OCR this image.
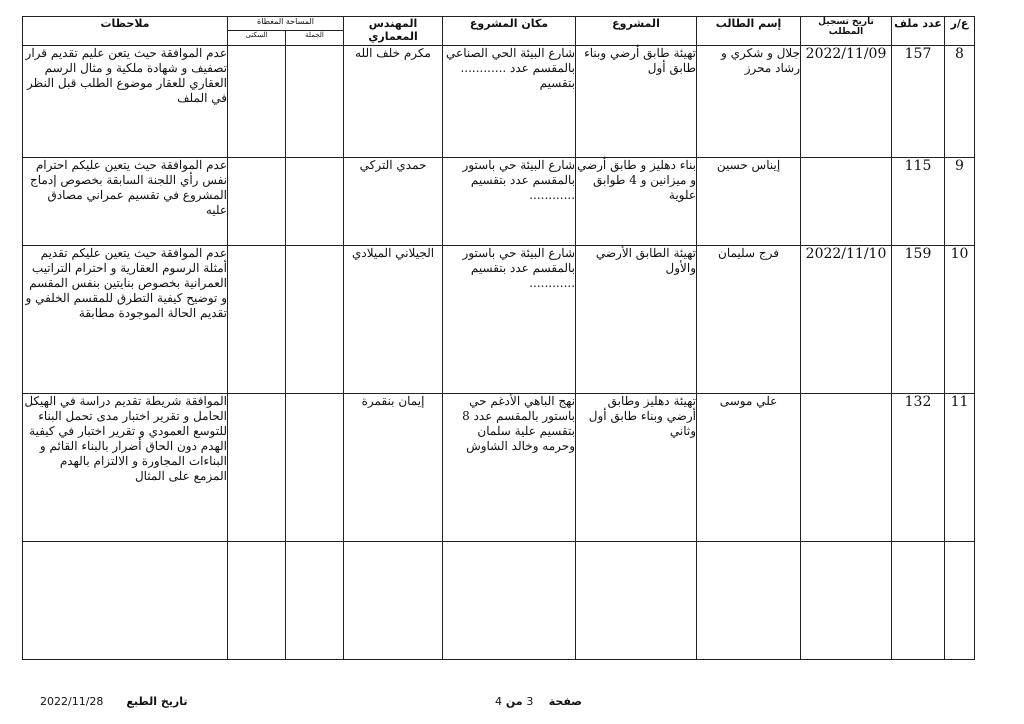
ع/ر	عدد ملف	تاريخ تسجيل المطلب	إسم الطالب	المشروع	مكان المشروع	المهندس المعماري	المساحة المغطاة		ملاحظات
							الجملة	السكنى	
8	157	2022/11/09	جلال و شكري و رشاد محرز	تهيئة طابق أرضي وبناء طابق أول	شارع البيئة الحي الصناعي بالمقسم عدد ............ بتقسيم	مكرم خلف الله			عدم الموافقة حيث يتعن عليم تقديم قرار تصفيف و شهادة ملكية و مثال الرسم العقاري للعقار موضوع الطلب قبل النظر في الملف
9	115		إيناس حسين	بناء دهليز و طابق أرضي و ميزانين و 4 طوابق علوية	شارع البيئة حي باستور بالمقسم عدد بتقسيم ............	حمدي التركي			عدم الموافقة حيث يتعين عليكم احترام نفس رأي اللجنة السابقة بخصوص إدماج المشروع في تقسيم عمراني مصادق عليه
10	159	2022/11/10	فرج سليمان	تهيئة الطابق الأرضي والأول	شارع البيئة حي باستور بالمقسم عدد بتقسيم ............	الجيلاني الميلادي			عدم الموافقة حيث يتعين عليكم تقديم أمثلة الرسوم العقارية و احترام التراتيب العمرانية بخصوص بنايتين بنفس المقسم و توضيح كيفية التطرق للمقسم الخلفي و تقديم الحالة الموجودة مطابقة
11	132		علي موسى	تهيئة دهليز وطابق أرضي وبناء طابق أول وثاني	نهج الباهي الأدغم حي باستور بالمقسم عدد 8 بتقسيم علية سلمان وحرمه وخالد الشاوش	إيمان بنقمرة			الموافقة شريطة تقديم دراسة في الهيكل الحامل و تقرير اختبار مدى تحمل البناء للتوسع العمودي و تقرير اختبار في كيفية الهدم دون الحاق أضرار بالبناء القائم و البناءات المجاورة و الالتزام بالهدم المزمع على المثال

تاريخ الطبع      2022/11/28	صفحة    3 من 4
